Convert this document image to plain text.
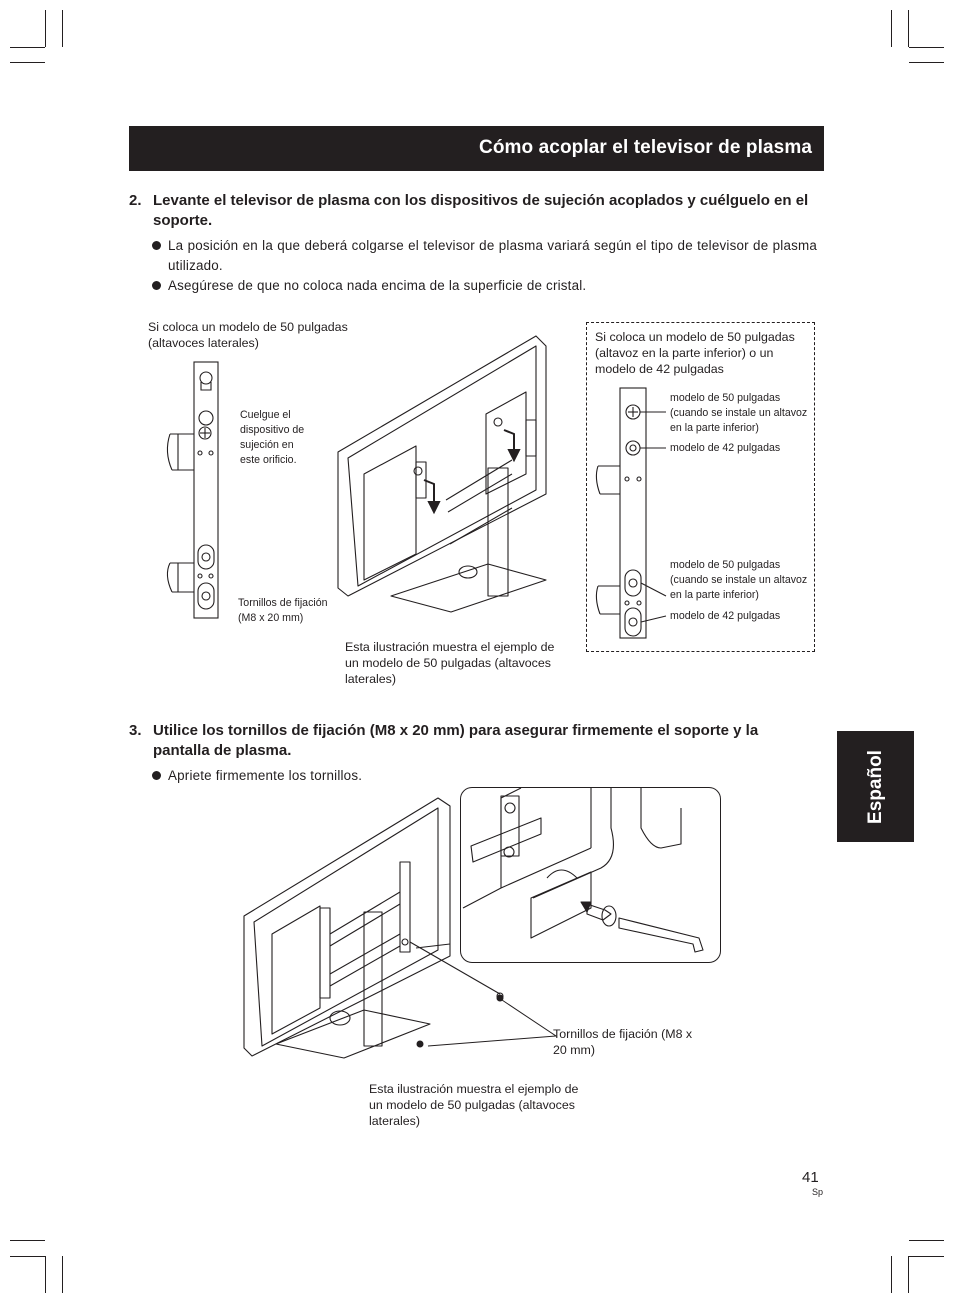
Cómo acoplar el televisor de plasma
Español
2. Levante el televisor de plasma con los dispositivos de sujeción acoplados y cuélguelo en el soporte.
La posición en la que deberá colgarse el televisor de plasma variará según el tipo de televisor de plasma utilizado.
Asegúrese de que no coloca nada encima de la superficie de cristal.
Si coloca un modelo de 50 pulgadas (altavoces laterales)
Cuelgue el dispositivo de sujeción en este orificio.
Tornillos de fijación (M8 x 20 mm)
Esta ilustración muestra el ejemplo de un modelo de 50 pulgadas (altavoces laterales)
Si coloca un modelo de 50 pulgadas (altavoz en la parte inferior) o un modelo de 42 pulgadas
modelo de 50 pulgadas (cuando se instale un altavoz en la parte inferior)
modelo de 42 pulgadas
modelo de 50 pulgadas (cuando se instale un altavoz en la parte inferior)
modelo de 42 pulgadas
3. Utilice los tornillos de fijación (M8 x 20 mm) para asegurar firmemente el soporte y la pantalla de plasma.
Apriete firmemente los tornillos.
Tornillos de fijación (M8 x 20 mm)
Esta ilustración muestra el ejemplo de un modelo de 50 pulgadas (altavoces laterales)
41
Sp
